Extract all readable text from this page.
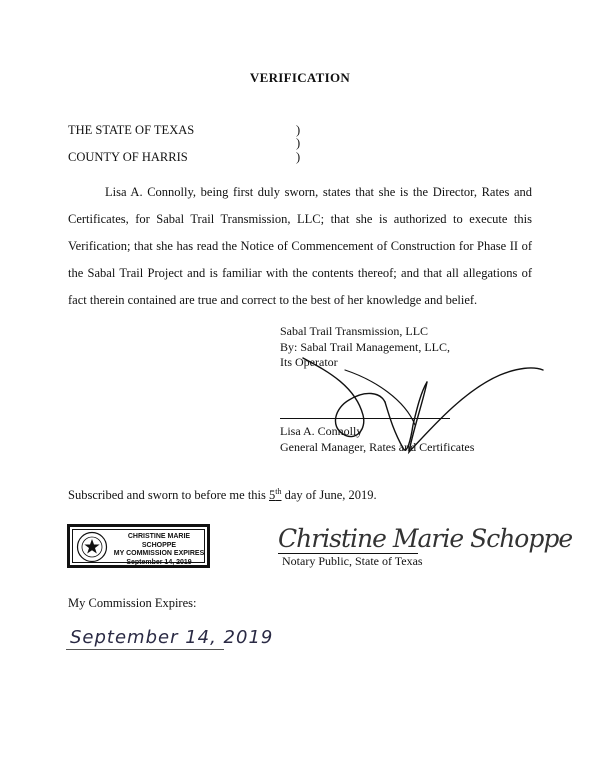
VERIFICATION
THE STATE OF TEXAS
COUNTY OF HARRIS
)
)
)
Lisa A. Connolly, being first duly sworn, states that she is the Director, Rates and Certificates, for Sabal Trail Transmission, LLC; that she is authorized to execute this Verification; that she has read the Notice of Commencement of Construction for Phase II of the Sabal Trail Project and is familiar with the contents thereof; and that all allegations of fact therein contained are true and correct to the best of her knowledge and belief.
Sabal Trail Transmission, LLC
By: Sabal Trail Management, LLC,
Its Operator
Lisa A. Connolly
General Manager, Rates and Certificates
Subscribed and sworn to before me this 5th day of June, 2019.
CHRISTINE MARIE SCHOPPE
MY COMMISSION EXPIRES
September 14, 2019
Christine Marie Schoppe
Notary Public, State of Texas
My Commission Expires:
September 14, 2019
